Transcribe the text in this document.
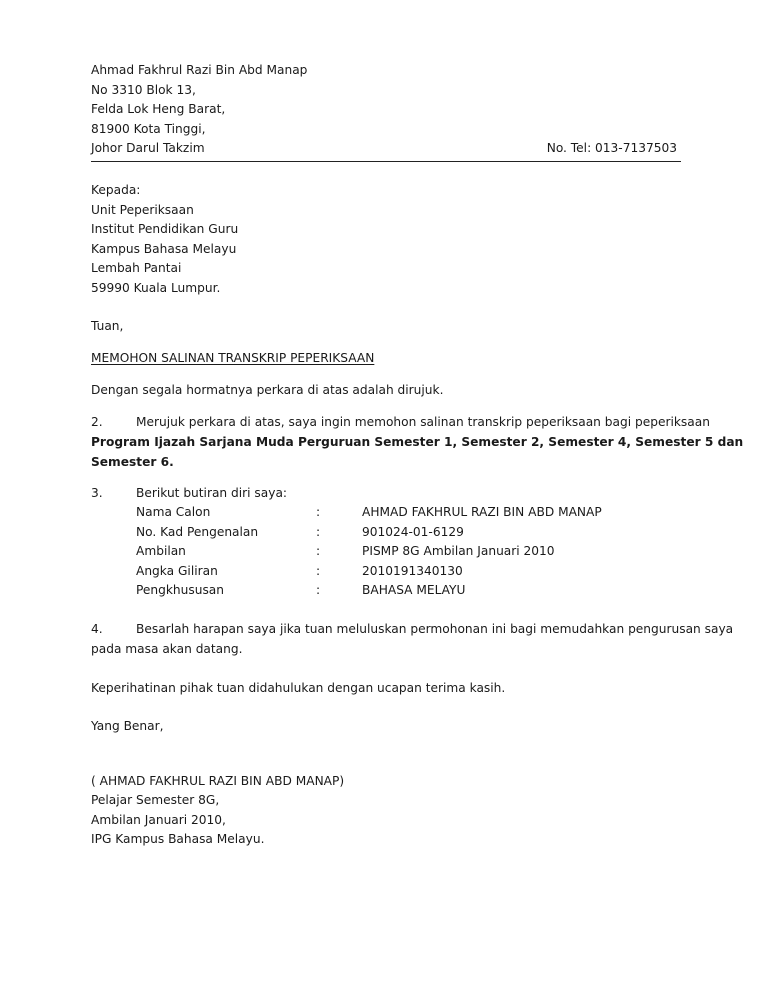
Ahmad Fakhrul Razi Bin Abd Manap
No 3310 Blok 13,
Felda Lok Heng Barat,
81900 Kota Tinggi,
Johor Darul Takzim	No. Tel: 013-7137503
Kepada:
Unit Peperiksaan
Institut Pendidikan Guru
Kampus Bahasa Melayu
Lembah Pantai
59990 Kuala Lumpur.
Tuan,
MEMOHON SALINAN TRANSKRIP PEPERIKSAAN
Dengan segala hormatnya perkara di atas adalah dirujuk.
2.	Merujuk perkara di atas, saya ingin memohon salinan transkrip peperiksaan bagi peperiksaan
Program Ijazah Sarjana Muda Perguruan Semester 1, Semester 2, Semester 4, Semester 5 dan
Semester 6.
3.	Berikut butiran diri saya:
Nama Calon	:	AHMAD FAKHRUL RAZI BIN ABD MANAP
No. Kad Pengenalan	:	901024-01-6129
Ambilan	:	PISMP 8G Ambilan Januari 2010
Angka Giliran	:	2010191340130
Pengkhususan	:	BAHASA MELAYU
4.	Besarlah harapan saya jika tuan meluluskan permohonan ini bagi memudahkan pengurusan saya
pada masa akan datang.
Keperihatinan pihak tuan didahulukan dengan ucapan terima kasih.
Yang Benar,
( AHMAD FAKHRUL RAZI BIN ABD MANAP)
Pelajar Semester 8G,
Ambilan Januari 2010,
IPG Kampus Bahasa Melayu.
